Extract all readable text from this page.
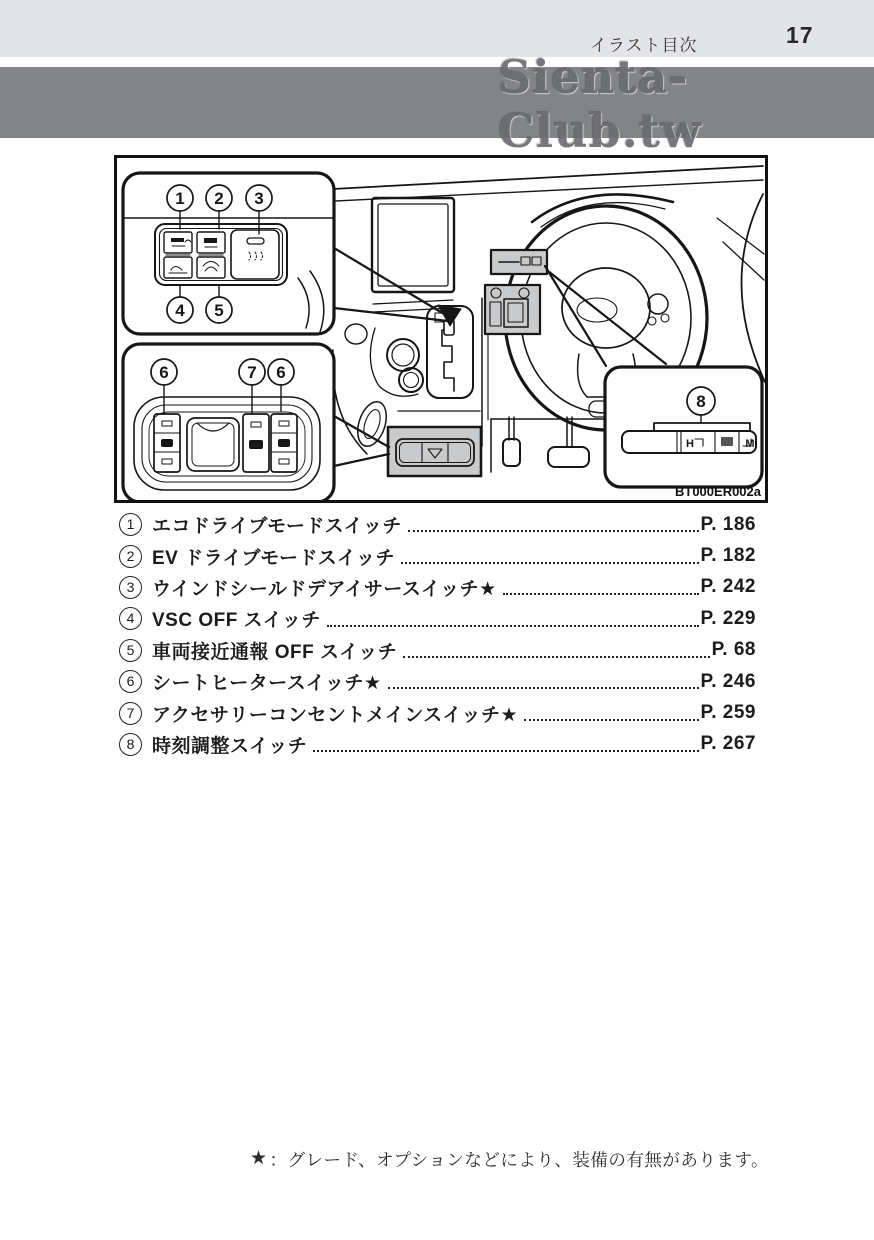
イラスト目次	17
Sienta-Club.tw
1 2 3
4 5
6	7 6
8
H	M
BT000ER002a
1 エコドライブモードスイッチ	P. 186
2 EV ドライブモードスイッチ	P. 182
3 ウインドシールドデアイサースイッチ★	P. 242
4 VSC OFF スイッチ	P. 229
5 車両接近通報 OFF スイッチ	P. 68
6 シートヒータースイッチ★	P. 246
7 アクセサリーコンセントメインスイッチ★	P. 259
8 時刻調整スイッチ	P. 267
★ ：グレード、オプションなどにより、装備の有無があります。
